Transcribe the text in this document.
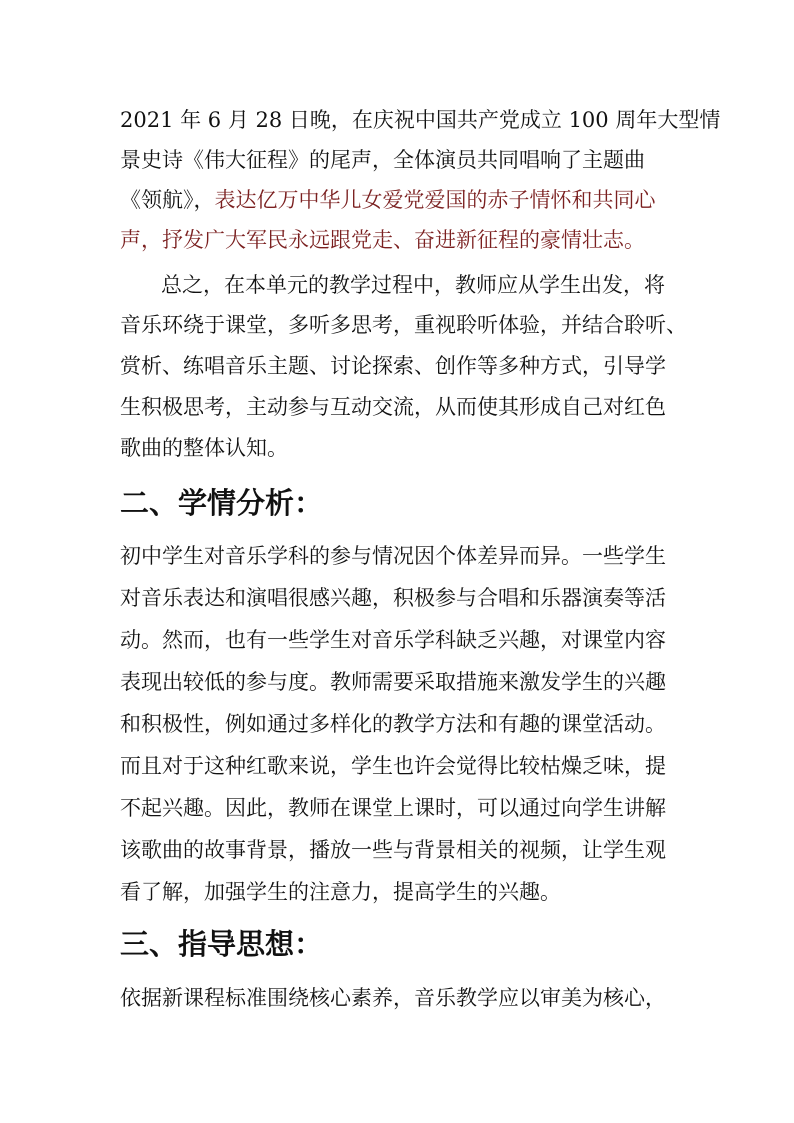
2021 年 6 月 28 日晚，在庆祝中国共产党成立 100 周年大型情
景史诗《伟大征程》的尾声，全体演员共同唱响了主题曲
《领航》，表达亿万中华儿女爱党爱国的赤子情怀和共同心
声，抒发广大军民永远跟党走、奋进新征程的豪情壮志。
总之，在本单元的教学过程中，教师应从学生出发，将
音乐环绕于课堂，多听多思考，重视聆听体验，并结合聆听、
赏析、练唱音乐主题、讨论探索、创作等多种方式，引导学
生积极思考，主动参与互动交流，从而使其形成自己对红色
歌曲的整体认知。
二、学情分析：
初中学生对音乐学科的参与情况因个体差异而异。一些学生
对音乐表达和演唱很感兴趣，积极参与合唱和乐器演奏等活
动。然而，也有一些学生对音乐学科缺乏兴趣，对课堂内容
表现出较低的参与度。教师需要采取措施来激发学生的兴趣
和积极性，例如通过多样化的教学方法和有趣的课堂活动。
而且对于这种红歌来说，学生也许会觉得比较枯燥乏味，提
不起兴趣。因此，教师在课堂上课时，可以通过向学生讲解
该歌曲的故事背景，播放一些与背景相关的视频，让学生观
看了解，加强学生的注意力，提高学生的兴趣。
三、指导思想：
依据新课程标准围绕核心素养，音乐教学应以审美为核心，
